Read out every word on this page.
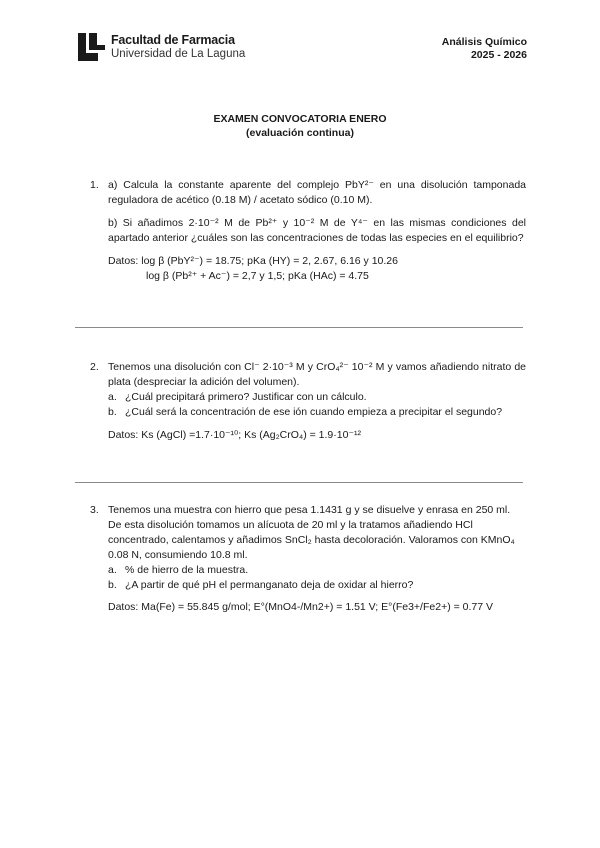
Facultad de Farmacia
Universidad de La Laguna
Análisis Químico
2025 - 2026
EXAMEN CONVOCATORIA ENERO
(evaluación continua)
1. a) Calcula la constante aparente del complejo PbY²⁻ en una disolución tamponada reguladora de acético (0.18 M) / acetato sódico (0.10 M).

b) Si añadimos 2·10⁻² M de Pb²⁺ y 10⁻² M de Y⁴⁻ en las mismas condiciones del apartado anterior ¿cuáles son las concentraciones de todas las especies en el equilibrio?

Datos: log β (PbY²⁻) = 18.75; pKa (HY) = 2, 2.67, 6.16 y 10.26

log β (Pb²⁺ + Ac⁻) = 2,7 y 1,5; pKa (HAc) = 4.75

2. Tenemos una disolución con Cl⁻ 2·10⁻³ M y CrO₄²⁻ 10⁻² M y vamos añadiendo nitrato de plata (despreciar la adición del volumen).

a. ¿Cuál precipitará primero? Justificar con un cálculo.
b. ¿Cuál será la concentración de ese ión cuando empieza a precipitar el segundo?

Datos: Ks (AgCl) =1.7·10⁻¹⁰; Ks (Ag₂CrO₄) = 1.9·10⁻¹²

3. Tenemos una muestra con hierro que pesa 1.1431 g y se disuelve y enrasa en 250 ml. De esta disolución tomamos un alícuota de 20 ml y la tratamos añadiendo HCl concentrado, calentamos y añadimos SnCl₂ hasta decoloración. Valoramos con KMnO₄ 0.08 N, consumiendo 10.8 ml.

a. % de hierro de la muestra.
b. ¿A partir de qué pH el permanganato deja de oxidar al hierro?

Datos: Ma(Fe) = 55.845 g/mol; E°(MnO4-/Mn2+) = 1.51 V; E°(Fe3+/Fe2+) = 0.77 V
